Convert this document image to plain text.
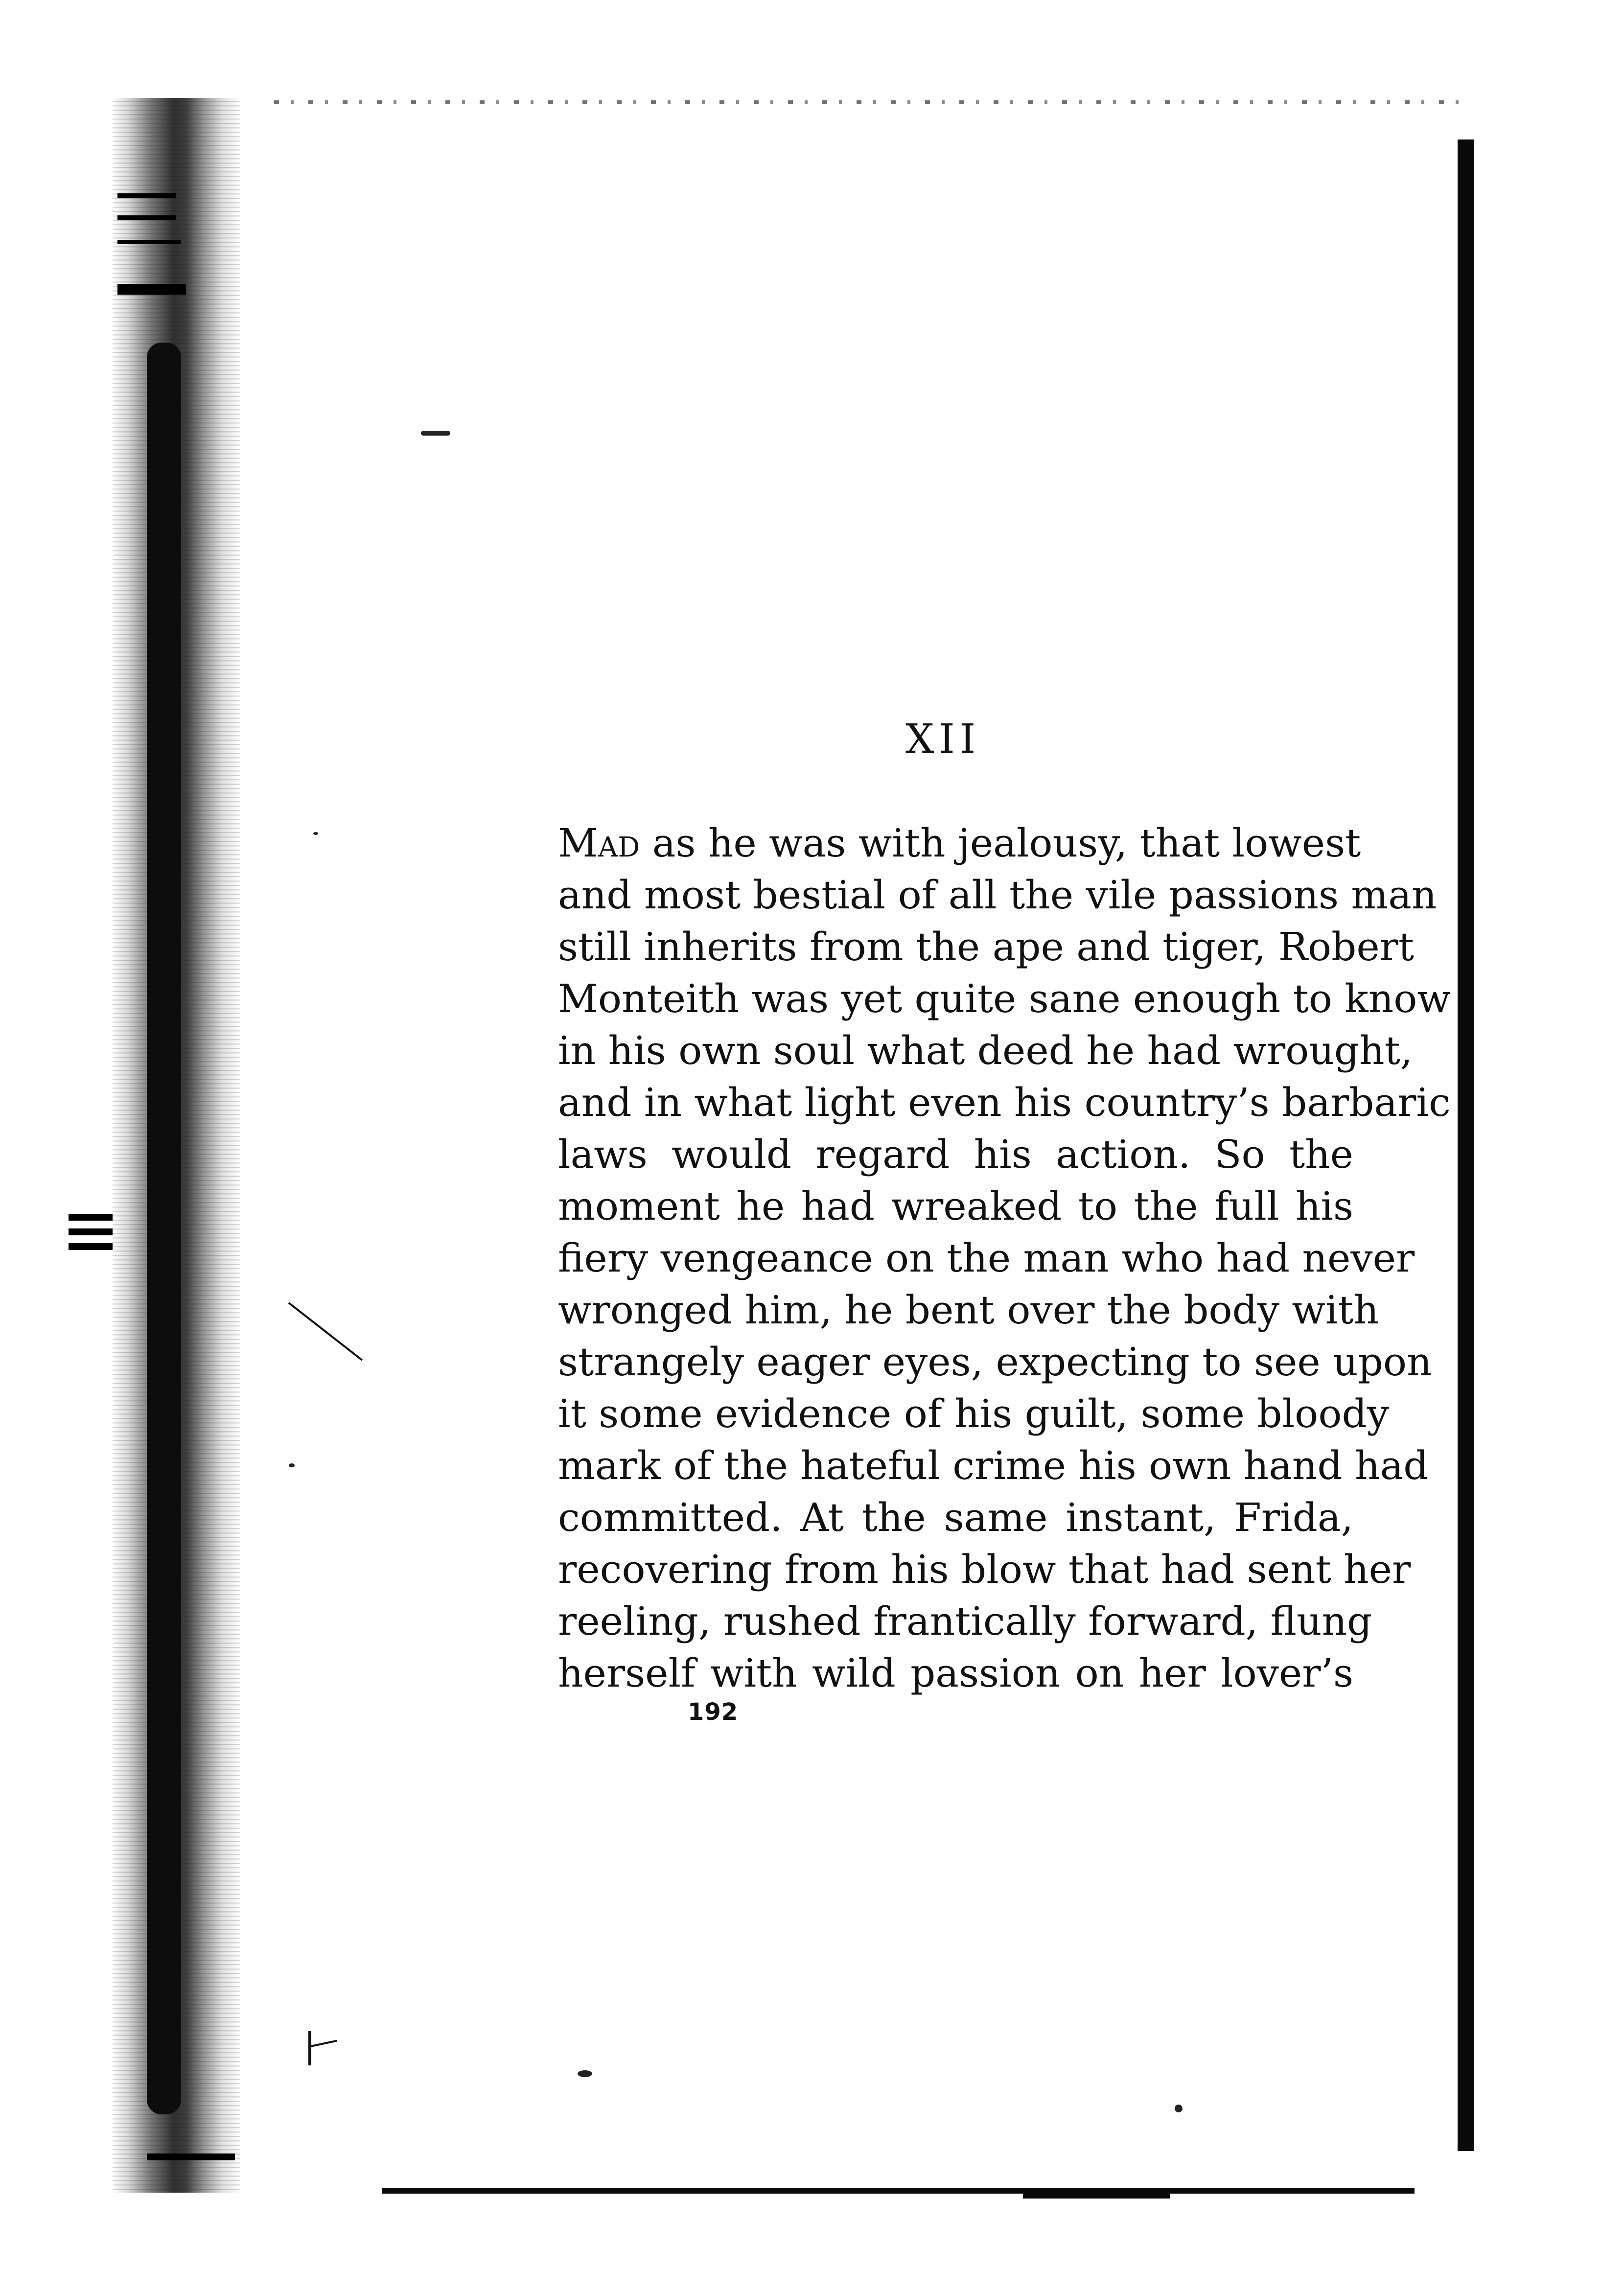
XII
Mad as he was with jealousy, that lowest
and most bestial of all the vile passions man
still inherits from the ape and tiger, Robert
Monteith was yet quite sane enough to know
in his own soul what deed he had wrought,
and in what light even his country’s barbaric
laws would regard his action. So the
moment he had wreaked to the full his
fiery vengeance on the man who had never
wronged him, he bent over the body with
strangely eager eyes, expecting to see upon
it some evidence of his guilt, some bloody
mark of the hateful crime his own hand had
committed. At the same instant, Frida,
recovering from his blow that had sent her
reeling, rushed frantically forward, flung
herself with wild passion on her lover’s
192
